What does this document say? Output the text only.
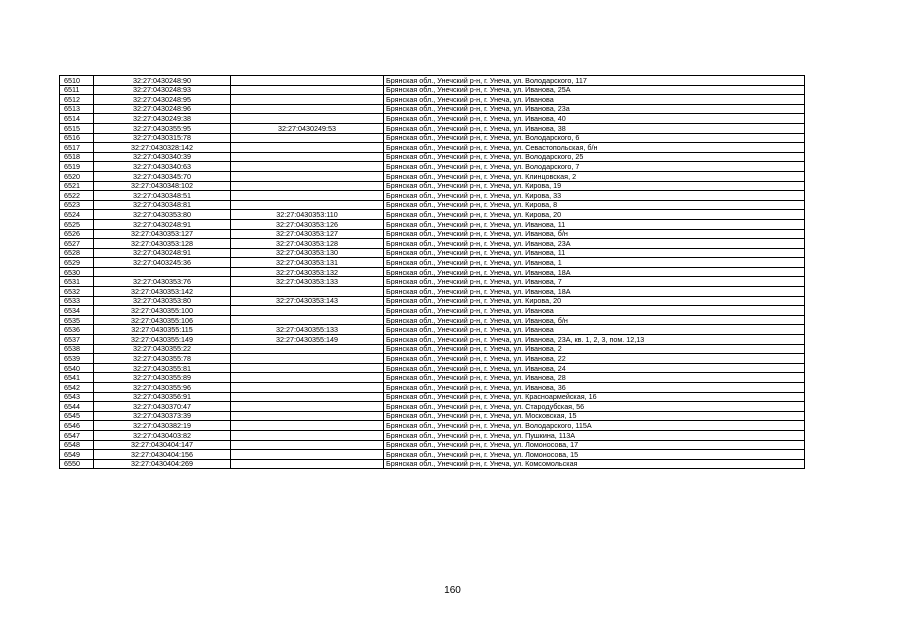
6510	32:27:0430248:90		Брянская обл., Унечский р-н, г. Унеча, ул. Володарского, 117
6511	32:27:0430248:93		Брянская обл., Унечский р-н, г. Унеча, ул. Иванова, 25А
6512	32:27:0430248:95		Брянская обл., Унечский р-н, г. Унеча, ул. Иванова
6513	32:27:0430248:96		Брянская обл., Унечский р-н, г. Унеча, ул. Иванова, 23а
6514	32:27:0430249:38		Брянская обл., Унечский р-н, г. Унеча, ул. Иванова, 40
6515	32:27:0430355:95	32:27:0430249:53	Брянская обл., Унечский р-н, г. Унеча, ул. Иванова, 38
6516	32:27:0430315:78		Брянская обл., Унечский р-н, г. Унеча, ул. Володарского, 6
6517	32:27:0430328:142		Брянская обл., Унечский р-н, г. Унеча, ул. Севастопольская, б/н
6518	32:27:0430340:39		Брянская обл., Унечский р-н, г. Унеча, ул. Володарского, 25
6519	32:27:0430340:63		Брянская обл., Унечский р-н, г. Унеча, ул. Володарского, 7
6520	32:27:0430345:70		Брянская обл., Унечский р-н, г. Унеча, ул. Клинцовская, 2
6521	32:27:0430348:102		Брянская обл., Унечский р-н, г. Унеча, ул. Кирова, 19
6522	32:27:0430348:51		Брянская обл., Унечский р-н, г. Унеча, ул. Кирова, 33
6523	32:27:0430348:81		Брянская обл., Унечский р-н, г. Унеча, ул. Кирова, 8
6524	32:27:0430353:80	32:27:0430353:110	Брянская обл., Унечский р-н, г. Унеча, ул. Кирова, 20
6525	32:27:0430248:91	32:27:0430353:126	Брянская обл., Унечский р-н, г. Унеча, ул. Иванова, 11
6526	32:27:0430353:127	32:27:0430353:127	Брянская обл., Унечский р-н, г. Унеча, ул. Иванова, б/н
6527	32:27:0430353:128	32:27:0430353:128	Брянская обл., Унечский р-н, г. Унеча, ул. Иванова, 23А
6528	32:27:0430248:91	32:27:0430353:130	Брянская обл., Унечский р-н, г. Унеча, ул. Иванова, 11
6529	32:27:0403245:36	32:27:0430353:131	Брянская обл., Унечский р-н, г. Унеча, ул. Иванова, 1
6530		32:27:0430353:132	Брянская обл., Унечский р-н, г. Унеча, ул. Иванова, 18А
6531	32:27:0430353:76	32:27:0430353:133	Брянская обл., Унечский р-н, г. Унеча, ул. Иванова, 7
6532	32:27:0430353:142		Брянская обл., Унечский р-н, г. Унеча, ул. Иванова, 18А
6533	32:27:0430353:80	32:27:0430353:143	Брянская обл., Унечский р-н, г. Унеча, ул. Кирова, 20
6534	32:27:0430355:100		Брянская обл., Унечский р-н, г. Унеча, ул. Иванова
6535	32:27:0430355:106		Брянская обл., Унечский р-н, г. Унеча, ул. Иванова, б/н
6536	32:27:0430355:115	32:27:0430355:133	Брянская обл., Унечский р-н, г. Унеча, ул. Иванова
6537	32:27:0430355:149	32:27:0430355:149	Брянская обл., Унечский р-н, г. Унеча, ул. Иванова, 23А, кв. 1, 2, 3, пом. 12,13
6538	32:27:0430355:22		Брянская обл., Унечский р-н, г. Унеча, ул. Иванова, 2
6539	32:27:0430355:78		Брянская обл., Унечский р-н, г. Унеча, ул. Иванова, 22
6540	32:27:0430355:81		Брянская обл., Унечский р-н, г. Унеча, ул. Иванова, 24
6541	32:27:0430355:89		Брянская обл., Унечский р-н, г. Унеча, ул. Иванова, 28
6542	32:27:0430355:96		Брянская обл., Унечский р-н, г. Унеча, ул. Иванова, 36
6543	32:27:0430356:91		Брянская обл., Унечский р-н, г. Унеча, ул. Красноармейская, 16
6544	32:27:0430370:47		Брянская обл., Унечский р-н, г. Унеча, ул. Стародубская, 56
6545	32:27:0430373:39		Брянская обл., Унечский р-н, г. Унеча, ул. Московская, 15
6546	32:27:0430382:19		Брянская обл., Унечский р-н, г. Унеча, ул. Володарского, 115А
6547	32:27:0430403:82		Брянская обл., Унечский р-н, г. Унеча, ул. Пушкина, 113А
6548	32:27:0430404:147		Брянская обл., Унечский р-н, г. Унеча, ул. Ломоносова, 17
6549	32:27:0430404:156		Брянская обл., Унечский р-н, г. Унеча, ул. Ломоносова, 15
6550	32:27:0430404:269		Брянская обл., Унечский р-н, г. Унеча, ул. Комсомольская
160
